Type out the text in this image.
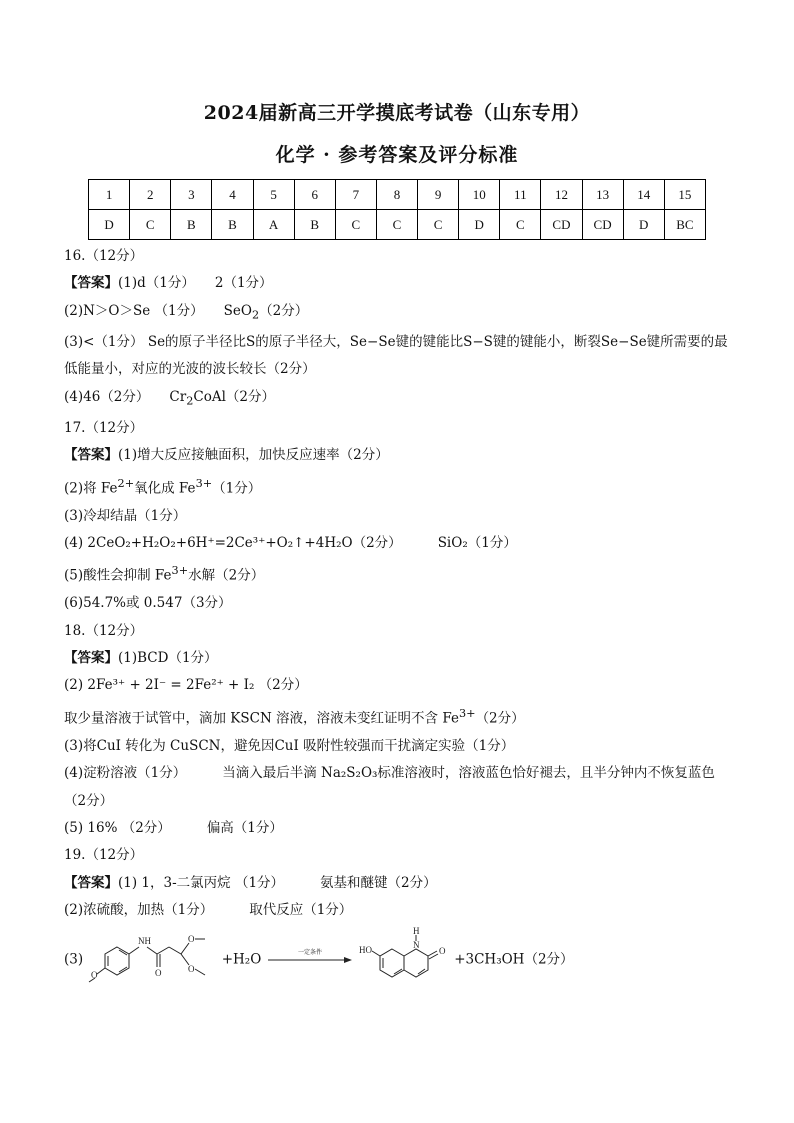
2024届新高三开学摸底考试卷（山东专用）
化学 · 参考答案及评分标准
1	2	3	4	5	6	7	8	9	10	11	12	13	14	15
D	C	B	B	A	B	C	C	C	D	C	CD	CD	D	BC
16.（12分）
【答案】(1)d（1分） 2（1分）
(2)N＞O＞Se （1分） SeO$_2$（2分）
(3)<（1分） Se的原子半径比S的原子半径大，Se−Se键的键能比S−S键的键能小，断裂Se−Se键所需要的最低能量小，对应的光波的波长较长（2分）
(4)46（2分） $Cr_2CoAl(2$分）
17.（12分）
【答案】(1)增大反应接触面积，加快反应速率（2分）
(2)将 $Fe^{2+}$氧化成 $Fe^{3+}(1$分）
(3)冷却结晶（1分）
(4) 2CeO₂+H₂O₂+6H⁺=2Ce³⁺+O₂↑+4H₂O（2分）	SiO₂（1分）
(5)酸性会抑制 $Fe^{3+}$水解（2分）
(6)54.7%或 0.547（3分）
18.（12分）
【答案】(1)BCD（1分）
(2) 2Fe³⁺ + 2I⁻ = 2Fe²⁺ + I₂ （2分）
取少量溶液于试管中，滴加 KSCN 溶液，溶液未变红证明不含 $Fe^{3+}(2$分）
(3)将CuI 转化为 CuSCN，避免因CuI 吸附性较强而干扰滴定实验（1分）
(4)淀粉溶液（1分）	当滴入最后半滴 Na₂S₂O₃标准溶液时，溶液蓝色恰好褪去，且半分钟内不恢复蓝色（2分）
(5) 16% （2分）	偏高（1分）
19.（12分）
【答案】(1) 1，3-二氯丙烷 （1分）	氨基和醚键（2分）
(2)浓硫酸，加热（1分）	取代反应（1分）
(3)
O
NH
O
O
O
+H₂O	一定条件
	HO
H
N
O +3CH₃OH（2分）
